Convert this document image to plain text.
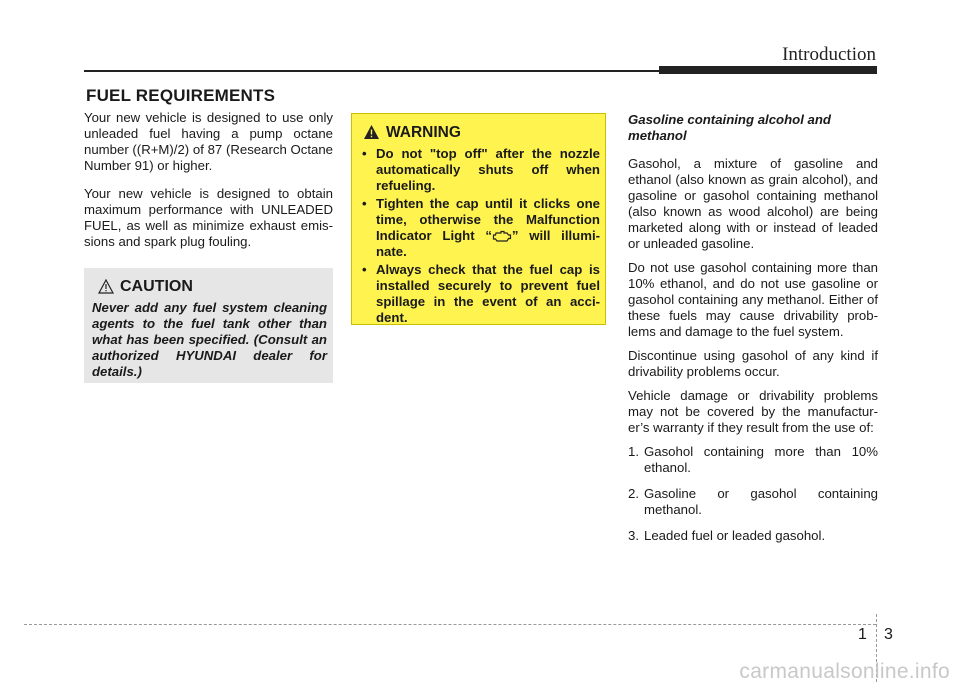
Introduction
FUEL REQUIREMENTS

Your new vehicle is designed to use only unleaded fuel having a pump octane number ((R+M)/2) of 87 (Research Octane Number 91) or higher.

Your new vehicle is designed to obtain maximum performance with UNLEADED FUEL, as well as minimize exhaust emis-sions and spark plug fouling.

CAUTION
Never add any fuel system cleaning agents to the fuel tank other than what has been specified. (Consult an authorized HYUNDAI dealer for details.)
WARNING
• Do not "top off" after the nozzle automatically shuts off when refueling.
• Tighten the cap until it clicks one time, otherwise the Malfunction Indicator Light “ ” will illumi-nate.
• Always check that the fuel cap is installed securely to prevent fuel spillage in the event of an acci-dent.

Gasoline containing alcohol and methanol

Gasohol, a mixture of gasoline and ethanol (also known as grain alcohol), and gasoline or gasohol containing methanol (also known as wood alcohol) are being marketed along with or instead of leaded or unleaded gasoline.

Do not use gasohol containing more than 10% ethanol, and do not use gasoline or gasohol containing any methanol. Either of these fuels may cause drivability prob-lems and damage to the fuel system.

Discontinue using gasohol of any kind if drivability problems occur.

Vehicle damage or drivability problems may not be covered by the manufactur-er’s warranty if they result from the use of:

1. Gasohol containing more than 10% ethanol.
2. Gasoline or gasohol containing methanol.
3. Leaded fuel or leaded gasohol.
1 3
carmanualsonline.info
